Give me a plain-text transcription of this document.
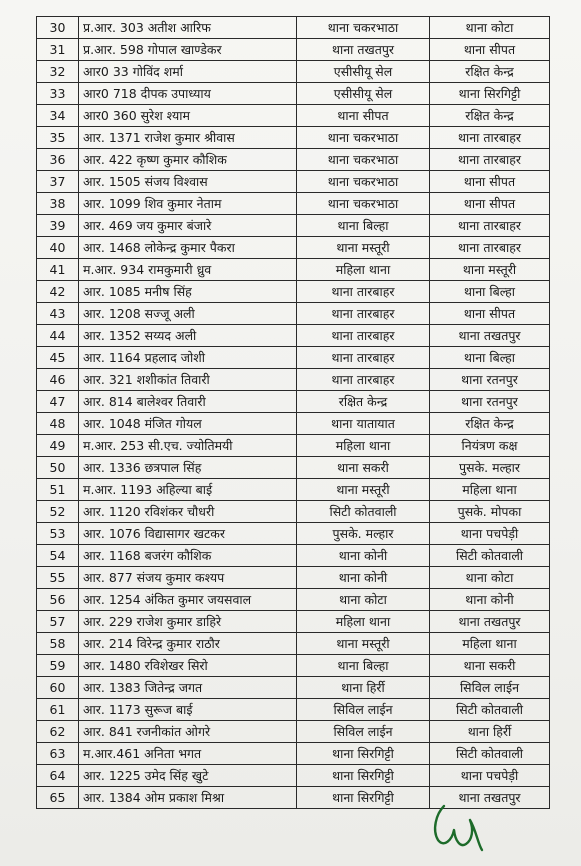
30	प्र.आर. 303 अतीश आरिफ	थाना चकरभाठा	थाना कोटा
31	प्र.आर. 598 गोपाल खाण्डेकर	थाना तखतपुर	थाना सीपत
32	आर0 33 गोविंद शर्मा	एसीसीयू सेल	रक्षित केन्द्र
33	आर0 718 दीपक उपाध्याय	एसीसीयू सेल	थाना सिरगिट्टी
34	आर0 360 सुरेश श्याम	थाना सीपत	रक्षित केन्द्र
35	आर. 1371 राजेश कुमार श्रीवास	थाना चकरभाठा	थाना तारबाहर
36	आर. 422 कृष्ण कुमार कौशिक	थाना चकरभाठा	थाना तारबाहर
37	आर. 1505 संजय विश्वास	थाना चकरभाठा	थाना सीपत
38	आर. 1099 शिव कुमार नेताम	थाना चकरभाठा	थाना सीपत
39	आर. 469 जय कुमार बंजारे	थाना बिल्हा	थाना तारबाहर
40	आर. 1468 लोकेन्द्र कुमार पैकरा	थाना मस्तूरी	थाना तारबाहर
41	म.आर. 934 रामकुमारी ध्रुव	महिला थाना	थाना मस्तूरी
42	आर. 1085 मनीष सिंह	थाना तारबाहर	थाना बिल्हा
43	आर. 1208 सज्जू अली	थाना तारबाहर	थाना सीपत
44	आर. 1352 सय्यद अली	थाना तारबाहर	थाना तखतपुर
45	आर. 1164 प्रहलाद जोशी	थाना तारबाहर	थाना बिल्हा
46	आर. 321 शशीकांत तिवारी	थाना तारबाहर	थाना रतनपुर
47	आर. 814 बालेश्वर तिवारी	रक्षित केन्द्र	थाना रतनपुर
48	आर. 1048 मंजित गोयल	थाना यातायात	रक्षित केन्द्र
49	म.आर. 253 सी.एच. ज्योतिमयी	महिला थाना	नियंत्रण कक्ष
50	आर. 1336 छत्रपाल सिंह	थाना सकरी	पुसके. मल्हार
51	म.आर. 1193 अहिल्या बाई	थाना मस्तूरी	महिला थाना
52	आर. 1120 रविशंकर चौधरी	सिटी कोतवाली	पुसके. मोपका
53	आर. 1076 विद्यासागर खटकर	पुसके. मल्हार	थाना पचपेड़ी
54	आर. 1168 बजरंग कौशिक	थाना कोनी	सिटी कोतवाली
55	आर. 877 संजय कुमार कश्यप	थाना कोनी	थाना कोटा
56	आर. 1254 अंकित कुमार जयसवाल	थाना कोटा	थाना कोनी
57	आर. 229 राजेश कुमार डाहिरे	महिला थाना	थाना तखतपुर
58	आर. 214 विरेन्द्र कुमार राठौर	थाना मस्तूरी	महिला थाना
59	आर. 1480 रविशेखर सिरो	थाना बिल्हा	थाना सकरी
60	आर. 1383 जितेन्द्र जगत	थाना हिर्री	सिविल लाईन
61	आर. 1173 सुरूज बाई	सिविल लाईन	सिटी कोतवाली
62	आर. 841 रजनीकांत ओगरे	सिविल लाईन	थाना हिर्री
63	म.आर.461 अनिता भगत	थाना सिरगिट्टी	सिटी कोतवाली
64	आर. 1225 उमेद सिंह खुटे	थाना सिरगिट्टी	थाना पचपेड़ी
65	आर. 1384 ओम प्रकाश मिश्रा	थाना सिरगिट्टी	थाना तखतपुर
